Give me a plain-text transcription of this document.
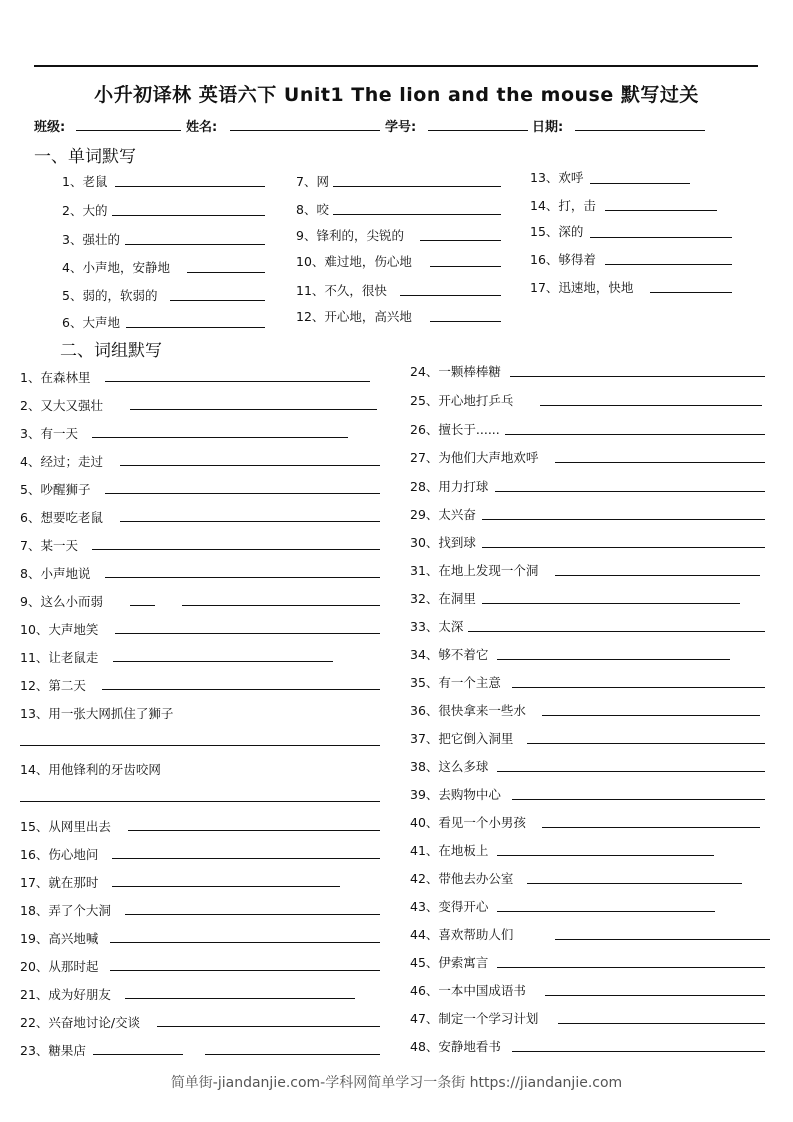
小升初译林 英语六下 Unit1 The lion and the mouse 默写过关
班级:	姓名:	学号:	日期:
一、单词默写
1、老鼠
2、大的
3、强壮的
4、小声地，安静地
5、弱的，软弱的
6、大声地
7、网
8、咬
9、锋利的，尖锐的
10、难过地，伤心地
11、不久，很快
12、开心地，高兴地
13、欢呼
14、打，击
15、深的
16、够得着
17、迅速地，快地
二、词组默写
1、在森林里
2、又大又强壮
3、有一天
4、经过；走过
5、吵醒狮子
6、想要吃老鼠
7、某一天
8、小声地说
9、这么小而弱
10、大声地笑
11、让老鼠走
12、第二天
13、用一张大网抓住了狮子
14、用他锋利的牙齿咬网
15、从网里出去
16、伤心地问
17、就在那时
18、弄了个大洞
19、高兴地喊
20、从那时起
21、成为好朋友
22、兴奋地讨论/交谈
23、糖果店
24、一颗棒棒糖
25、开心地打乒乓
26、擅长于......
27、为他们大声地欢呼
28、用力打球
29、太兴奋
30、找到球
31、在地上发现一个洞
32、在洞里
33、太深
34、够不着它
35、有一个主意
36、很快拿来一些水
37、把它倒入洞里
38、这么多球
39、去购物中心
40、看见一个小男孩
41、在地板上
42、带他去办公室
43、变得开心
44、喜欢帮助人们
45、伊索寓言
46、一本中国成语书
47、制定一个学习计划
48、安静地看书
简单街-jiandanjie.com-学科网简单学习一条街 https://jiandanjie.com
